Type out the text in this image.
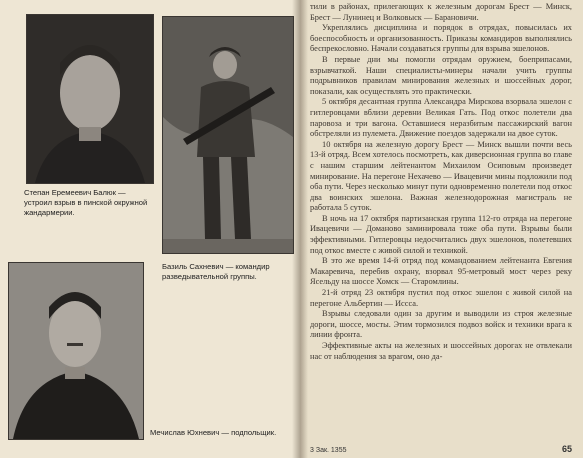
Степан Еремеевич Балюк — устроил взрыв в пинской окружной жандармерии.
Базиль Сахневич — командир разведывательной группы.
Мечислав Юхневич — подпольщик.

тили в районах, прилегающих к железным дорогам Брест — Минск, Брест — Лунинец и Волковыск — Барановичи.

Укреплялись дисциплина и порядок в отрядах, повысилась их боеспособность и организованность. Приказы командиров выполнялись беспрекословно. Начали создаваться группы для взрыва эшелонов.

В первые дни мы помогли отрядам оружием, боеприпасами, взрывчаткой. Наши специалисты-минеры начали учить группы подрывников правилам минирования железных и шоссейных дорог, показали, как осуществлять это практически.

5 октября десантная группа Александра Мирскова взорвала эшелон с гитлеровцами вблизи деревни Великая Гать. Под откос полетели два паровоза и три вагона. Оставшиеся неразбитым пассажирский вагон обстреляли из пулемета. Движение поездов задержали на двое суток.

10 октября на железную дорогу Брест — Минск вышли почти весь 13-й отряд. Всем хотелось посмотреть, как диверсионная группа во главе с нашим старшим лейтенантом Михаилом Осиповым произведет минирование. На перегоне Нехачево — Ивацевичи мины подложили под оба пути. Через несколько минут пути одновременно полетели под откос два воинских эшелона. Важная железнодорожная магистраль не работала 5 суток.

В ночь на 17 октября партизанская группа 112-го отряда на перегоне Ивацевичи — Доманово заминировала тоже оба пути. Взрывы были эффективными. Гитлеровцы недосчитались двух эшелонов, полетевших под откос вместе с живой силой и техникой.

В это же время 14-й отряд под командованием лейтенанта Евгения Макаревича, перебив охрану, взорвал 95-метровый мост через реку Ясельду на шоссе Хомск — Старомлины.

21-й отряд 23 октября пустил под откос эшелон с живой силой на перегоне Альбертин — Иссса.

Взрывы следовали один за другим и выводили из строя железные дороги, шоссе, мосты. Этим тормозился подвоз войск и техники врага к линии фронта.

Эффективные акты на железных и шоссейных дорогах не отвлекали нас от наблюдения за врагом, оно да-

3 Зак. 1355	65
